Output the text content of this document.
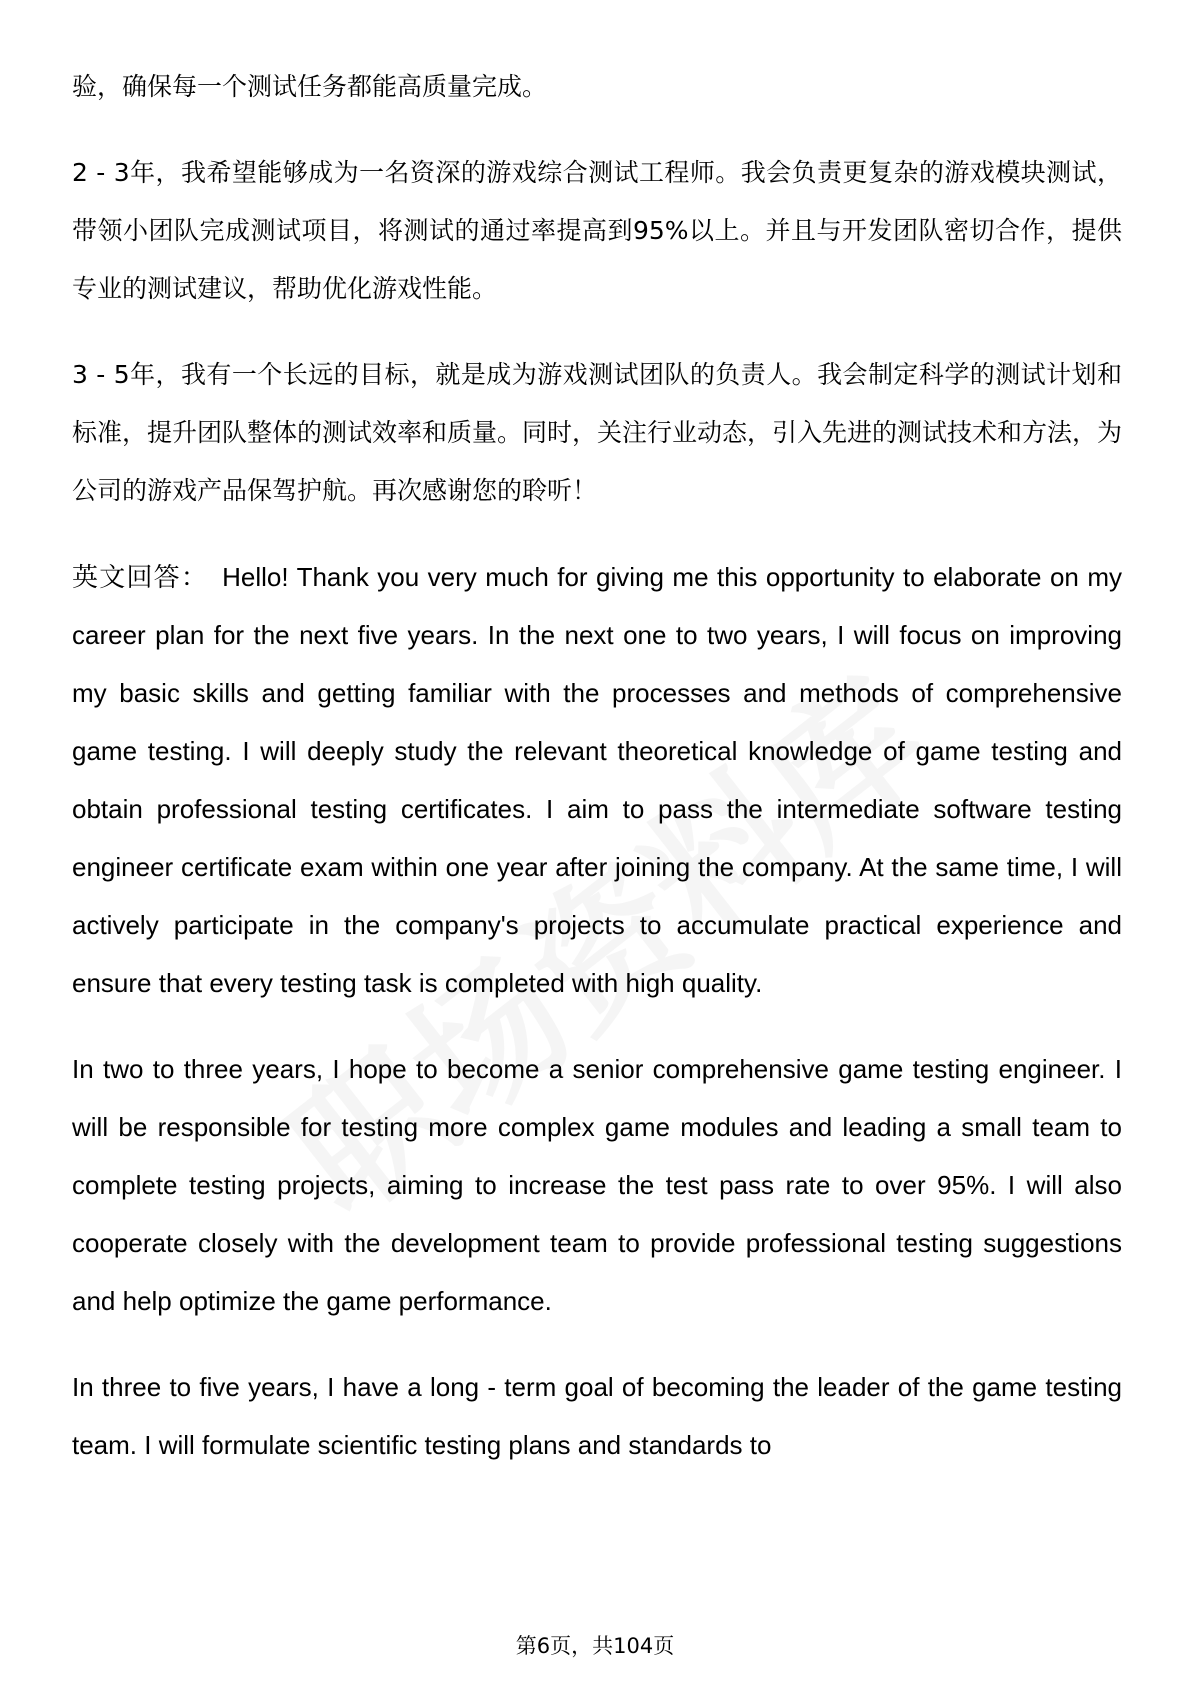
验，确保每一个测试任务都能高质量完成。

2 - 3年，我希望能够成为一名资深的游戏综合测试工程师。我会负责更复杂的游戏模块测试，带领小团队完成测试项目，将测试的通过率提高到95%以上。并且与开发团队密切合作，提供专业的测试建议，帮助优化游戏性能。

3 - 5年，我有一个长远的目标，就是成为游戏测试团队的负责人。我会制定科学的测试计划和标准，提升团队整体的测试效率和质量。同时，关注行业动态，引入先进的测试技术和方法，为公司的游戏产品保驾护航。再次感谢您的聆听！

英文回答： Hello! Thank you very much for giving me this opportunity to elaborate on my career plan for the next five years. In the next one to two years, I will focus on improving my basic skills and getting familiar with the processes and methods of comprehensive game testing. I will deeply study the relevant theoretical knowledge of game testing and obtain professional testing certificates. I aim to pass the intermediate software testing engineer certificate exam within one year after joining the company. At the same time, I will actively participate in the company's projects to accumulate practical experience and ensure that every testing task is completed with high quality.

In two to three years, I hope to become a senior comprehensive game testing engineer. I will be responsible for testing more complex game modules and leading a small team to complete testing projects, aiming to increase the test pass rate to over 95%. I will also cooperate closely with the development team to provide professional testing suggestions and help optimize the game performance.

In three to five years, I have a long - term goal of becoming the leader of the game testing team. I will formulate scientific testing plans and standards to

第6页，共104页
